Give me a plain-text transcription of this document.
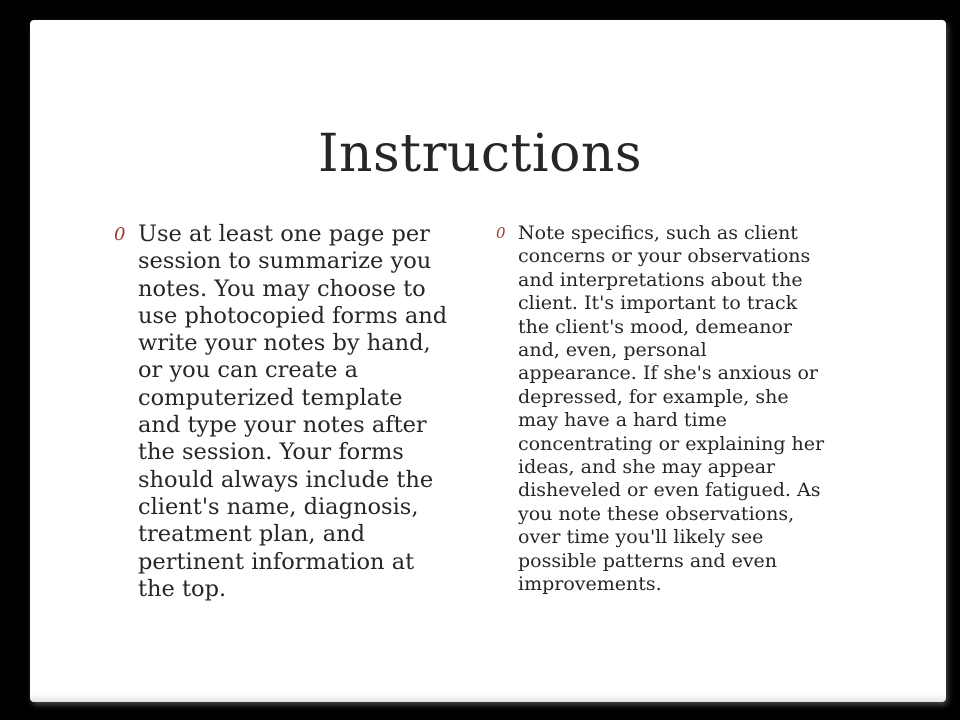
Instructions
0 Use at least one page per
session to summarize you
notes. You may choose to
use photocopied forms and
write your notes by hand,
or you can create a
computerized template
and type your notes after
the session. Your forms
should always include the
client's name, diagnosis,
treatment plan, and
pertinent information at
the top.
0 Note specifics, such as client
concerns or your observations
and interpretations about the
client. It's important to track
the client's mood, demeanor
and, even, personal
appearance. If she's anxious or
depressed, for example, she
may have a hard time
concentrating or explaining her
ideas, and she may appear
disheveled or even fatigued. As
you note these observations,
over time you'll likely see
possible patterns and even
improvements.
